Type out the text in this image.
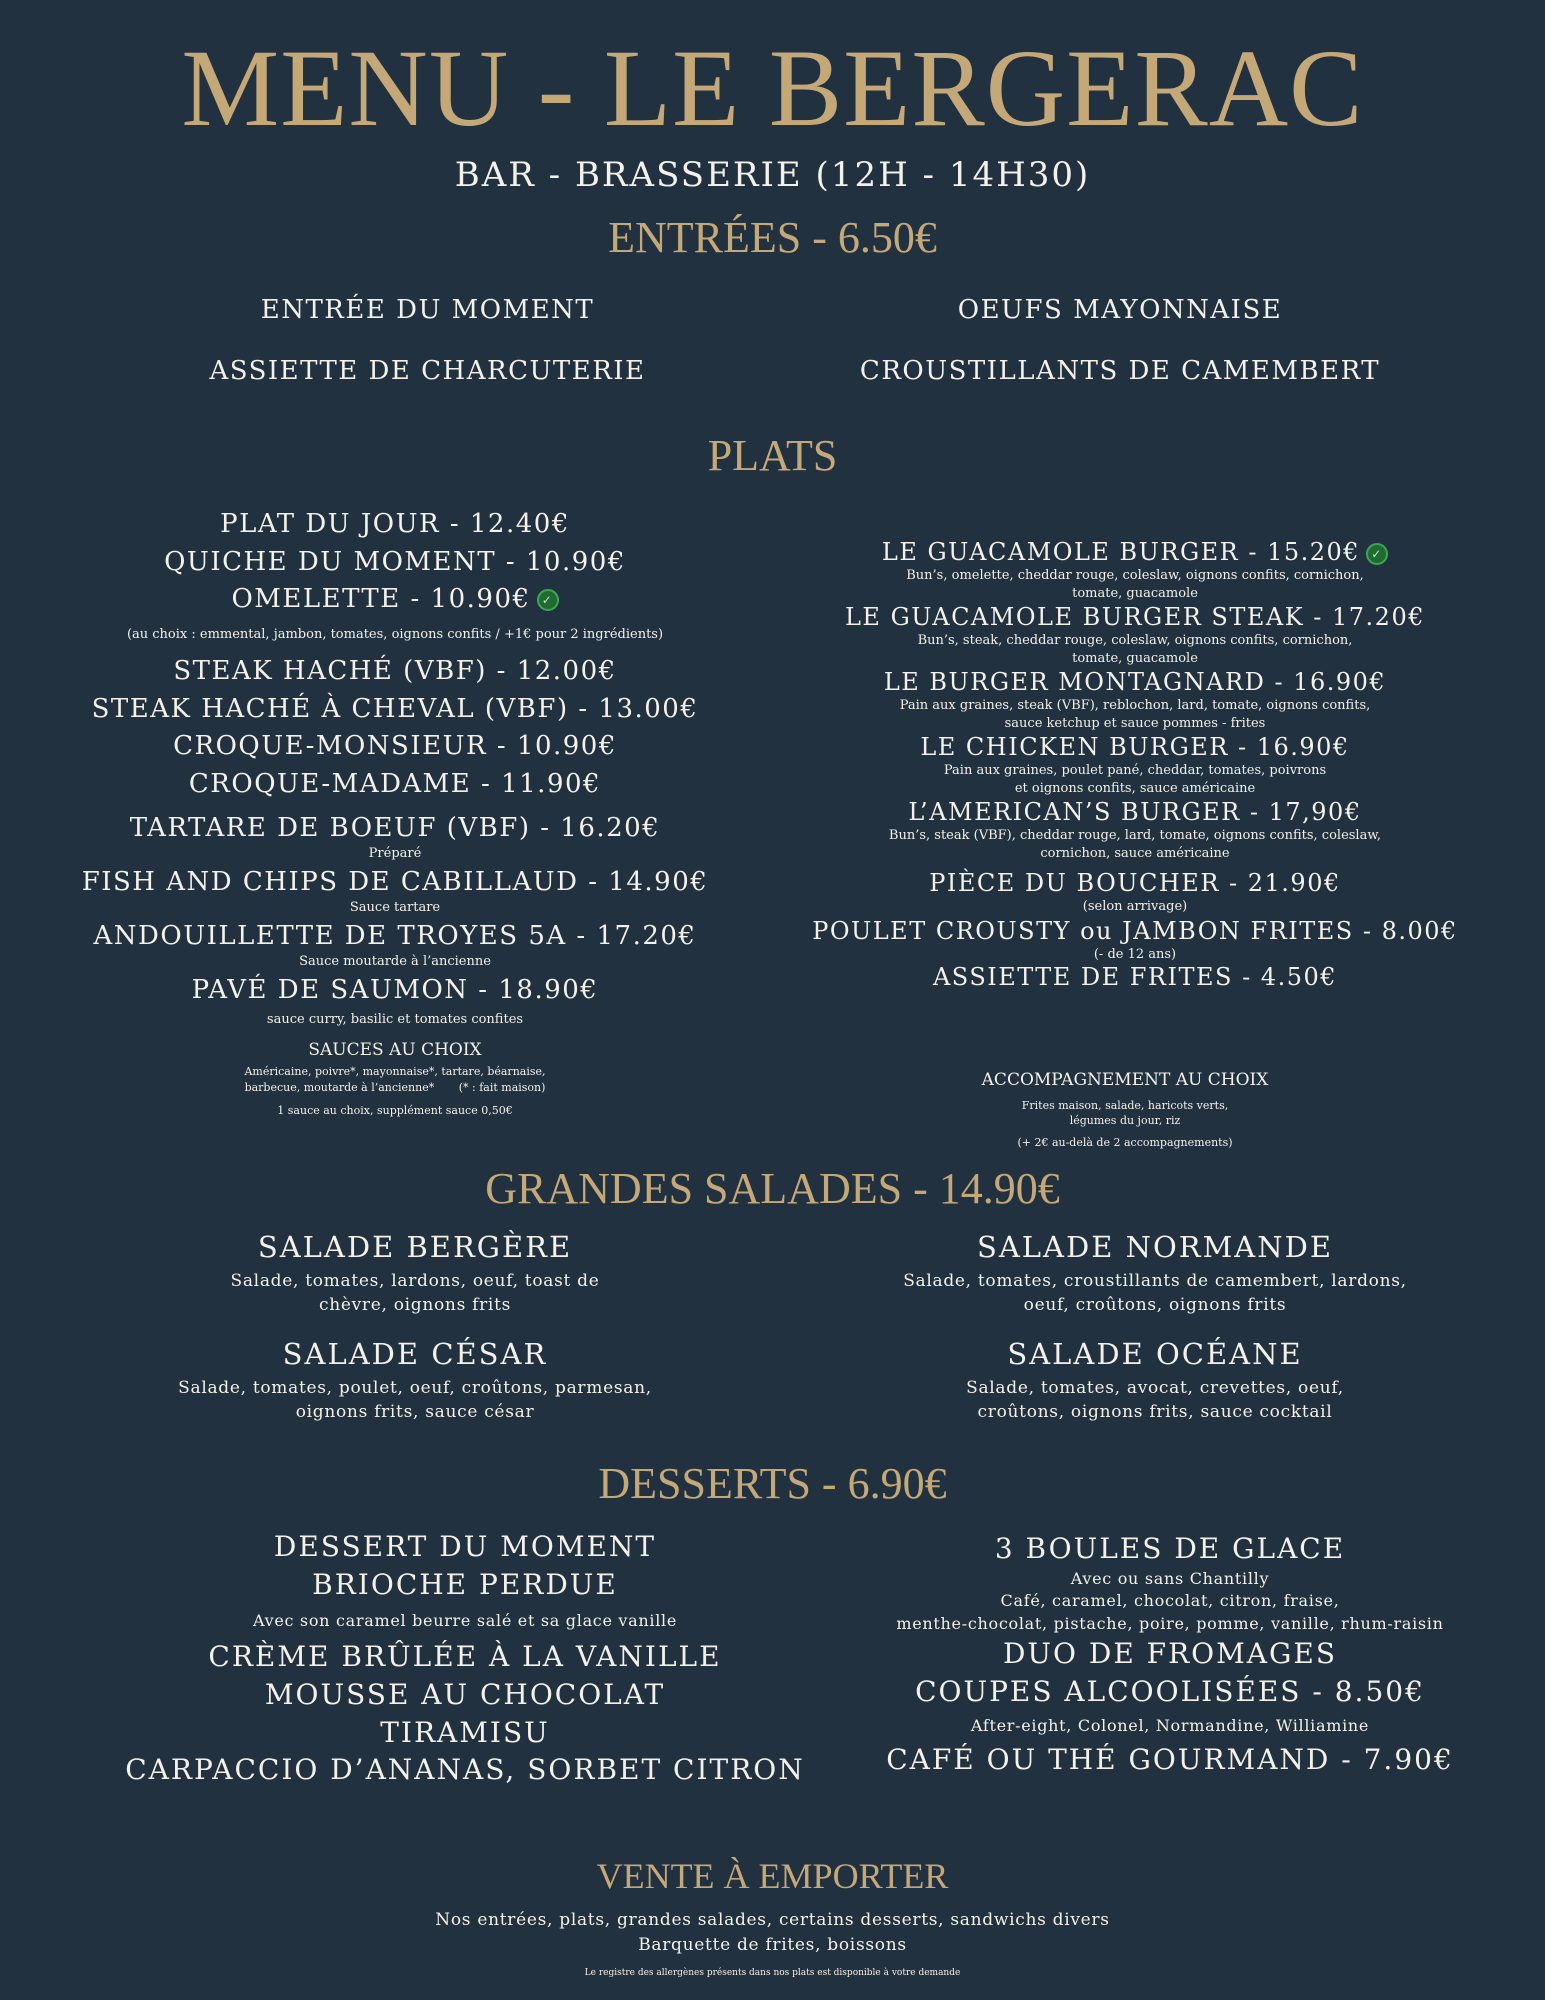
MENU - LE BERGERAC
BAR - BRASSERIE (12H - 14H30)
ENTRÉES - 6.50€
ENTRÉE DU MOMENT
ASSIETTE DE CHARCUTERIE
OEUFS MAYONNAISE
CROUSTILLANTS DE CAMEMBERT
PLATS
PLAT DU JOUR - 12.40€
QUICHE DU MOMENT - 10.90€
OMELETTE - 10.90€ ✓
(au choix : emmental, jambon, tomates, oignons confits / +1€ pour 2 ingrédients)
STEAK HACHÉ (VBF) - 12.00€
STEAK HACHÉ À CHEVAL (VBF) - 13.00€
CROQUE-MONSIEUR - 10.90€
CROQUE-MADAME - 11.90€
TARTARE DE BOEUF (VBF) - 16.20€
Préparé
FISH AND CHIPS DE CABILLAUD - 14.90€
Sauce tartare
ANDOUILLETTE DE TROYES 5A - 17.20€
Sauce moutarde à l’ancienne
PAVÉ DE SAUMON - 18.90€
sauce curry, basilic et tomates confites
SAUCES AU CHOIX
Américaine, poivre*, mayonnaise*, tartare, béarnaise,
barbecue, moutarde à l’ancienne*       (* : fait maison)
1 sauce au choix, supplément sauce 0,50€
LE GUACAMOLE BURGER - 15.20€ ✓
Bun’s, omelette, cheddar rouge, coleslaw, oignons confits, cornichon,
tomate, guacamole
LE GUACAMOLE BURGER STEAK - 17.20€
Bun’s, steak, cheddar rouge, coleslaw, oignons confits, cornichon,
tomate, guacamole
LE BURGER MONTAGNARD - 16.90€
Pain aux graines, steak (VBF), reblochon, lard, tomate, oignons confits,
sauce ketchup et sauce pommes - frites
LE CHICKEN BURGER - 16.90€
Pain aux graines, poulet pané, cheddar, tomates, poivrons
et oignons confits, sauce américaine
L’AMERICAN’S BURGER - 17,90€
Bun’s, steak (VBF), cheddar rouge, lard, tomate, oignons confits, coleslaw,
cornichon, sauce américaine
PIÈCE DU BOUCHER - 21.90€
(selon arrivage)
POULET CROUSTY ou JAMBON FRITES - 8.00€
(- de 12 ans)
ASSIETTE DE FRITES - 4.50€
ACCOMPAGNEMENT AU CHOIX
Frites maison, salade, haricots verts,
légumes du jour, riz
(+ 2€ au-delà de 2 accompagnements)
GRANDES SALADES - 14.90€
SALADE BERGÈRE
Salade, tomates, lardons, oeuf, toast de
chèvre, oignons frits
SALADE NORMANDE
Salade, tomates, croustillants de camembert, lardons,
oeuf, croûtons, oignons frits
SALADE CÉSAR
Salade, tomates, poulet, oeuf, croûtons, parmesan,
oignons frits, sauce césar
SALADE OCÉANE
Salade, tomates, avocat, crevettes, oeuf,
croûtons, oignons frits, sauce cocktail
DESSERTS - 6.90€
DESSERT DU MOMENT
BRIOCHE PERDUE
Avec son caramel beurre salé et sa glace vanille
CRÈME BRÛLÉE À LA VANILLE
MOUSSE AU CHOCOLAT
TIRAMISU
CARPACCIO D’ANANAS, SORBET CITRON
3 BOULES DE GLACE
Avec ou sans Chantilly
Café, caramel, chocolat, citron, fraise,
menthe-chocolat, pistache, poire, pomme, vanille, rhum-raisin
DUO DE FROMAGES
COUPES ALCOOLISÉES - 8.50€
After-eight, Colonel, Normandine, Williamine
CAFÉ OU THÉ GOURMAND - 7.90€
VENTE À EMPORTER
Nos entrées, plats, grandes salades, certains desserts, sandwichs divers
Barquette de frites, boissons
Le registre des allergènes présents dans nos plats est disponible à votre demande
